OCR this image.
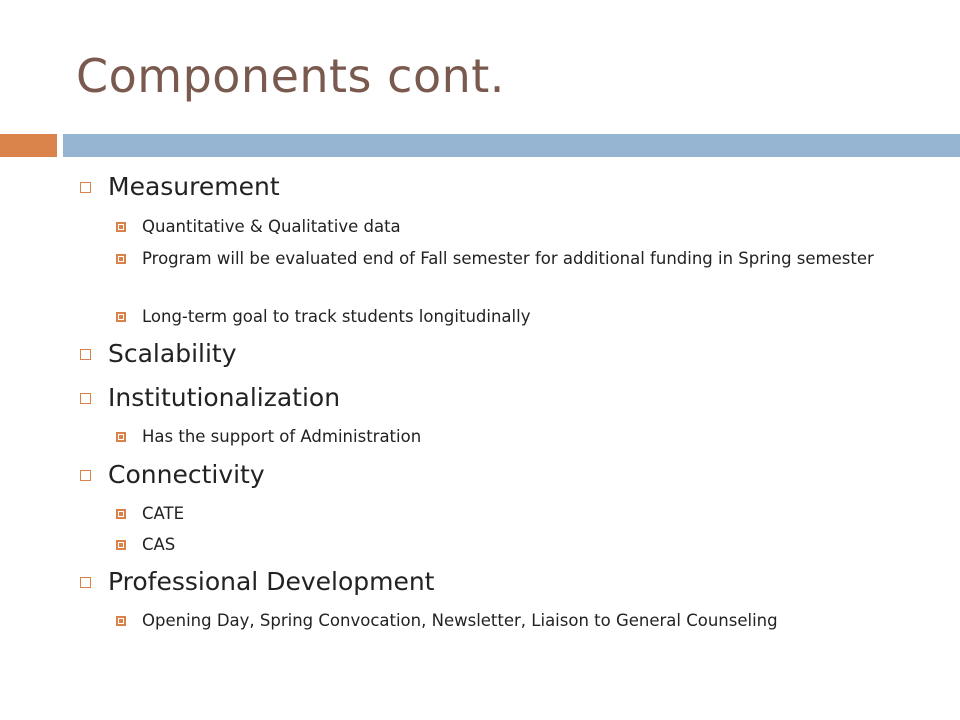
Components cont.
Measurement
Quantitative & Qualitative data
Program will be evaluated end of Fall semester for additional funding in Spring semester
Long-term goal to track students longitudinally
Scalability
Institutionalization
Has the support of Administration
Connectivity
CATE
CAS
Professional Development
Opening Day, Spring Convocation, Newsletter, Liaison to General Counseling
